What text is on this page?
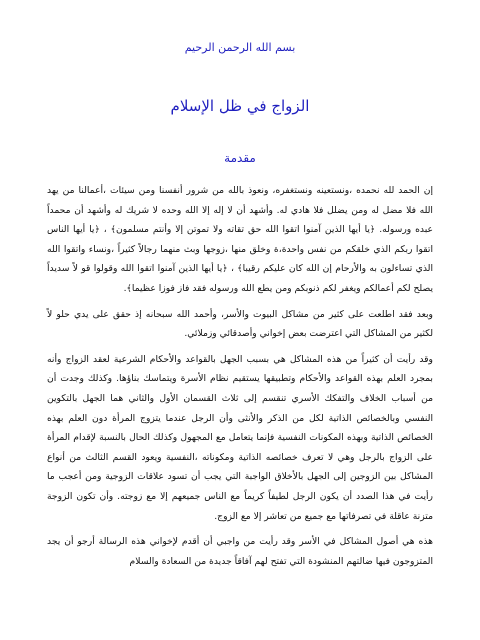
بسم الله الرحمن الرحيم
الزواج في ظل الإسلام
مقدمة

إن الحمد لله نحمده ،ونستعينه ونستغفره، ونعوذ بالله من شرور أنفسنا ومن سيئات ،أعمالنا من يهد الله فلا مضل له ومن يضلل فلا هادي له. وأشهد أن لا إله إلا الله وحده لا شريك له وأشهد أن محمداً عبده ورسوله. ﴿يا أيها الذين آمنوا اتقوا الله حق تقاته ولا تموتن إلا وأنتم مسلمون﴾ ، ﴿يا أيها الناس اتقوا ربكم الذي خلقكم من نفس واحدة،ة وخلق منها ،زوجها وبث منهما رجالاً كثيراً ،ونساء واتقوا الله الذي تساءلون به والأرحام إن الله كان عليكم رقيبا﴾ ، ﴿يا أيها الذين آمنوا اتقوا الله وقولوا قو لاً سديداً يصلح لكم أعمالكم ويغفر لكم ذنوبكم ومن يطع الله ورسوله فقد فاز فوزا عظيما﴾.

وبعد فقد اطلعت على كثير من مشاكل البيوت والأسر، وأحمد الله سبحانه إذ حقق على يدي حلو لاً لكثير من المشاكل التي اعترضت بعض إخواني وأصدقائي وزملائي.

وقد رأيت أن كثيراً من هذه المشاكل هي بسبب الجهل بالقواعد والأحكام الشرعية لعقد الزواج وأنه بمجرد العلم بهذه القواعد والأحكام وتطبيقها يستقيم نظام الأسرة ويتماسك بناؤها. وكذلك وجدت أن من أسباب الخلاف والتفكك الأسري تنقسم إلى ثلاث القسمان الأول والثاني هما الجهل بالتكوين النفسي وبالخصائص الذاتية لكل من الذكر والأنثى وأن الرجل عندما يتزوج المرأة دون العلم بهذه الخصائص الذاتية وبهذه المكونات النفسية فإنما يتعامل مع المجهول وكذلك الحال بالنسبة لإقدام المرأة على الزواج بالرجل وهي لا تعرف خصائصه الذاتية ومكوناته ،النفسية ويعود القسم الثالث من أنواع المشاكل بين الزوجين إلى الجهل بالأخلاق الواجبة التي يجب أن تسود علاقات الزوجية ومن أعجب ما رأيت في هذا الصدد أن يكون الرجل لطيفاً كريماً مع الناس جميعهم إلا مع زوجته. وأن تكون الزوجة متزنة عاقلة في تصرفاتها مع جميع من تعاشر إلا مع الزوج.

هذه هي أصول المشاكل في الأسر وقد رأيت من واجبي أن أقدم لإخواني هذه الرسالة أرجو أن يجد المتزوجون فيها ضالتهم المنشودة التي تفتح لهم آفاقاً جديدة من السعادة والسلام
